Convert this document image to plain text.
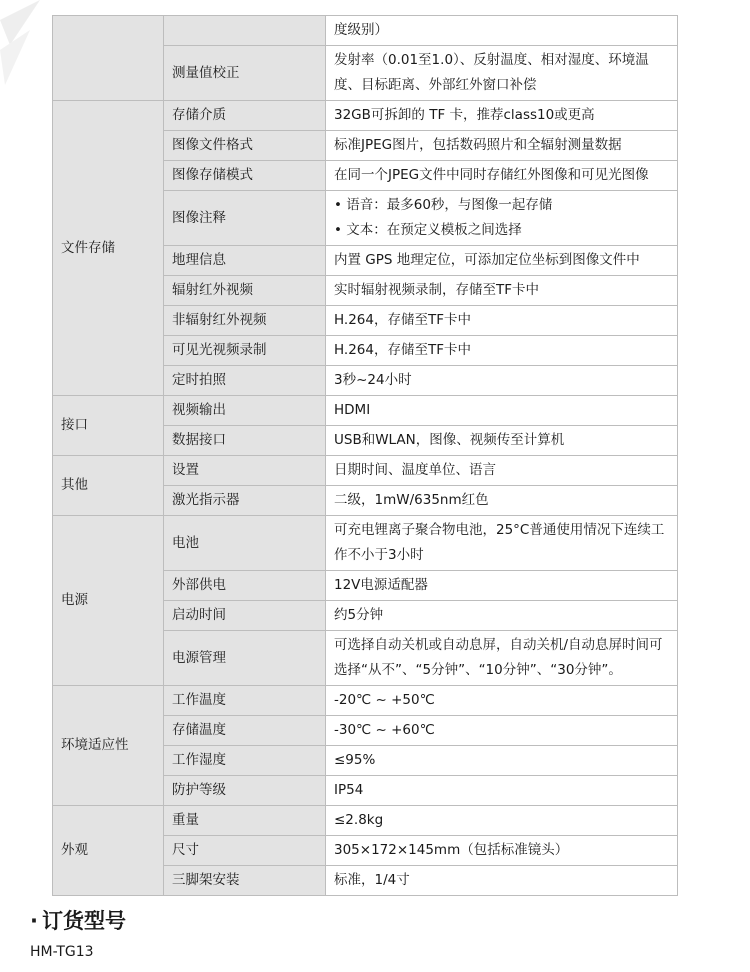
		度级别）
	测量值校正	发射率（0.01至1.0）、反射温度、相对湿度、环境温度、目标距离、外部红外窗口补偿
文件存储	存储介质	32GB可拆卸的 TF 卡，推荐class10或更高
	图像文件格式	标准JPEG图片，包括数码照片和全辐射测量数据
	图像存储模式	在同一个JPEG文件中同时存储红外图像和可见光图像
	图像注释	• 语音：最多60秒，与图像一起存储
• 文本：在预定义模板之间选择

	地理信息	内置 GPS 地理定位，可添加定位坐标到图像文件中
	辐射红外视频	实时辐射视频录制，存储至TF卡中
	非辐射红外视频	H.264，存储至TF卡中
	可见光视频录制	H.264，存储至TF卡中
	定时拍照	3秒~24小时
接口	视频输出	HDMI
	数据接口	USB和WLAN，图像、视频传至计算机
其他	设置	日期时间、温度单位、语言
	激光指示器	二级，1mW/635nm红色
电源	电池	可充电锂离子聚合物电池，25°C普通使用情况下连续工作不小于3小时
	外部供电	12V电源适配器
	启动时间	约5分钟
	电源管理	可选择自动关机或自动息屏，自动关机/自动息屏时间可选择“从不”、“5分钟”、“10分钟”、“30分钟”。
环境适应性	工作温度	-20℃ ~ +50℃
	存储温度	-30℃ ~ +60℃
	工作湿度	≤95%
	防护等级	IP54
外观	重量	≤2.8kg
	尺寸	305×172×145mm（包括标准镜头）
	三脚架安装	标准，1/4寸
· 订货型号

HM-TG13
